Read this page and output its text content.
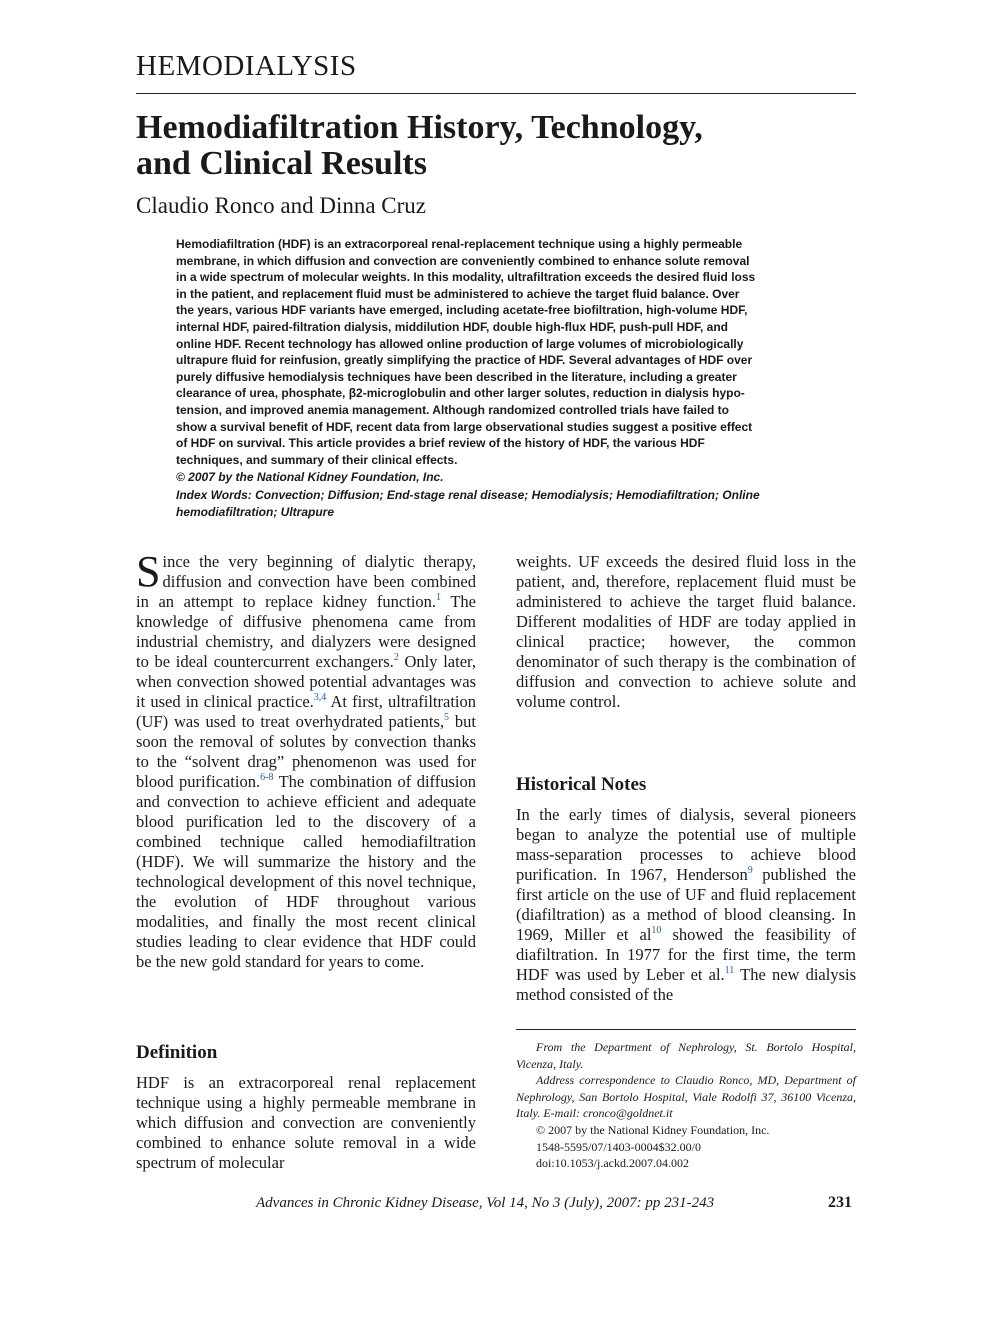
HEMODIALYSIS
Hemodiafiltration History, Technology,
and Clinical Results
Claudio Ronco and Dinna Cruz

Hemodiafiltration (HDF) is an extracorporeal renal-replacement technique using a highly permeable
membrane, in which diffusion and convection are conveniently combined to enhance solute removal
in a wide spectrum of molecular weights. In this modality, ultrafiltration exceeds the desired fluid loss
in the patient, and replacement fluid must be administered to achieve the target fluid balance. Over
the years, various HDF variants have emerged, including acetate-free biofiltration, high-volume HDF,
internal HDF, paired-filtration dialysis, middilution HDF, double high-flux HDF, push-pull HDF, and
online HDF. Recent technology has allowed online production of large volumes of microbiologically
ultrapure fluid for reinfusion, greatly simplifying the practice of HDF. Several advantages of HDF over
purely diffusive hemodialysis techniques have been described in the literature, including a greater
clearance of urea, phosphate, β2-microglobulin and other larger solutes, reduction in dialysis hypo-
tension, and improved anemia management. Although randomized controlled trials have failed to
show a survival benefit of HDF, recent data from large observational studies suggest a positive effect
of HDF on survival. This article provides a brief review of the history of HDF, the various HDF
techniques, and summary of their clinical effects.

© 2007 by the National Kidney Foundation, Inc.

Index Words: Convection; Diffusion; End-stage renal disease; Hemodialysis; Hemodiafiltration; Online
hemodiafiltration; Ultrapure

Since the very beginning of dialytic therapy, diffusion and convection have been combined in an attempt to replace kidney function.$^1$ The knowledge of diffusive phenomena came from industrial chemistry, and dialyzers were designed to be ideal countercurrent exchangers.$^2$ Only later, when convection showed potential advantages was it used in clinical practice.$^{3,4}$ At first, ultrafiltration (UF) was used to treat overhydrated patients,$^5$ but soon the removal of solutes by convection thanks to the “solvent drag” phenomenon was used for blood purification.$^{6-8}$ The combination of diffusion and convection to achieve efficient and adequate blood purification led to the discovery of a combined technique called hemodiafiltration (HDF). We will summarize the history and the technological development of this novel technique, the evolution of HDF throughout various modalities, and finally the most recent clinical studies leading to clear evidence that HDF could be the new gold standard for years to come.

Definition

HDF is an extracorporeal renal replacement technique using a highly permeable membrane in which diffusion and convection are conveniently combined to enhance solute removal in a wide spectrum of molecular

weights. UF exceeds the desired fluid loss in the patient, and, therefore, replacement fluid must be administered to achieve the target fluid balance. Different modalities of HDF are today applied in clinical practice; however, the common denominator of such therapy is the combination of diffusion and convection to achieve solute and volume control.

Historical Notes

In the early times of dialysis, several pioneers began to analyze the potential use of multiple mass-separation processes to achieve blood purification. In 1967, Henderson$^9$ published the first article on the use of UF and fluid replacement (diafiltration) as a method of blood cleansing. In 1969, Miller et $al^{10}$ showed the feasibility of diafiltration. In 1977 for the first time, the term HDF was used by Leber et al.$^{11}$ The new dialysis method consisted of the

From the Department of Nephrology, St. Bortolo Hospital, Vicenza, Italy.

Address correspondence to Claudio Ronco, MD, Department of Nephrology, San Bortolo Hospital, Viale Rodolfi 37, 36100 Vicenza, Italy. E-mail: cronco@goldnet.it

© 2007 by the National Kidney Foundation, Inc.
1548-5595/07/1403-0004$32.00/0
doi:10.1053/j.ackd.2007.04.002

Advances in Chronic Kidney Disease, Vol 14, No 3 (July), 2007: pp 231-243	231
